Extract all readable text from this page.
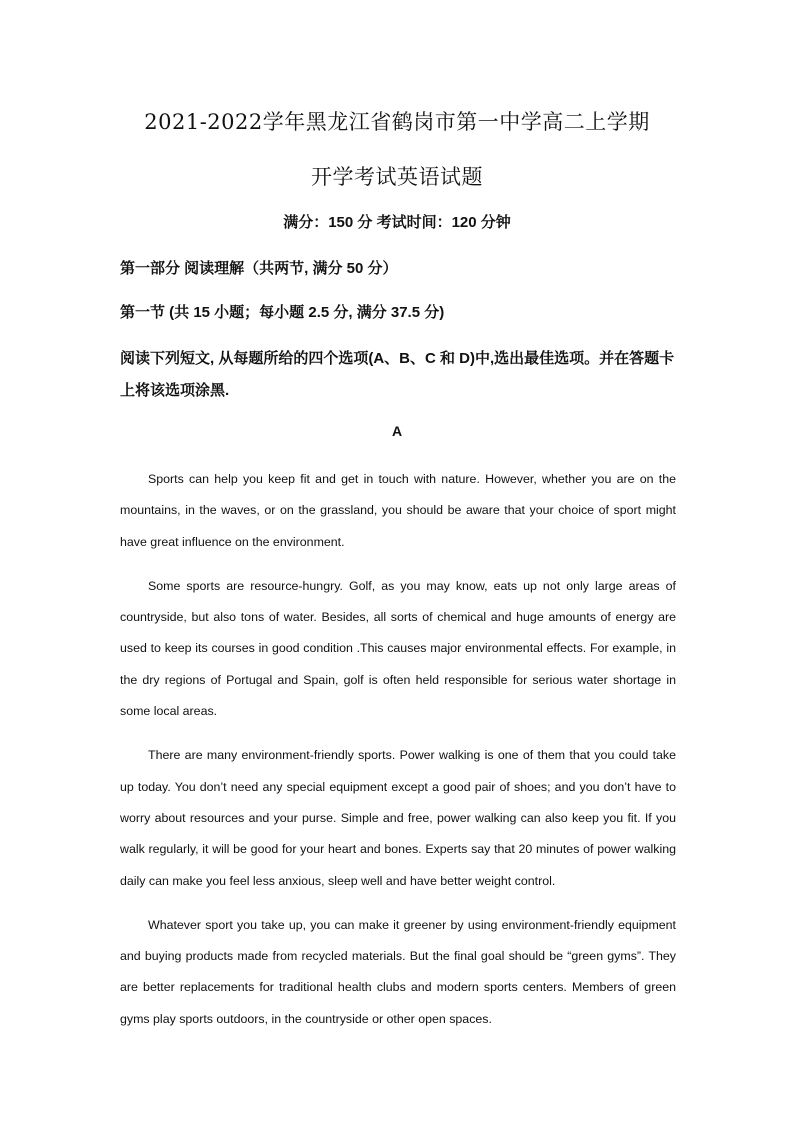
2021-2022学年黑龙江省鹤岗市第一中学高二上学期
开学考试英语试题
满分：150 分 考试时间：120 分钟
第一部分 阅读理解（共两节, 满分 50 分）
第一节 (共 15 小题；每小题 2.5 分, 满分 37.5 分)
阅读下列短文, 从每题所给的四个选项(A、B、C 和 D)中,选出最佳选项。并在答题卡上将该选项涂黑.
A

Sports can help you keep fit and get in touch with nature. However, whether you are on the mountains, in the waves, or on the grassland, you should be aware that your choice of sport might have great influence on the environment.

Some sports are resource-hungry. Golf, as you may know, eats up not only large areas of countryside, but also tons of water. Besides, all sorts of chemical and huge amounts of energy are used to keep its courses in good condition .This causes major environmental effects. For example, in the dry regions of Portugal and Spain, golf is often held responsible for serious water shortage in some local areas.

There are many environment-friendly sports. Power walking is one of them that you could take up today. You don’t need any special equipment except a good pair of shoes; and you don’t have to worry about resources and your purse. Simple and free, power walking can also keep you fit. If you walk regularly, it will be good for your heart and bones. Experts say that 20 minutes of power walking daily can make you feel less anxious, sleep well and have better weight control.

Whatever sport you take up, you can make it greener by using environment-friendly equipment and buying products made from recycled materials. But the final goal should be “green gyms”. They are better replacements for traditional health clubs and modern sports centers. Members of green gyms play sports outdoors, in the countryside or other open spaces.
